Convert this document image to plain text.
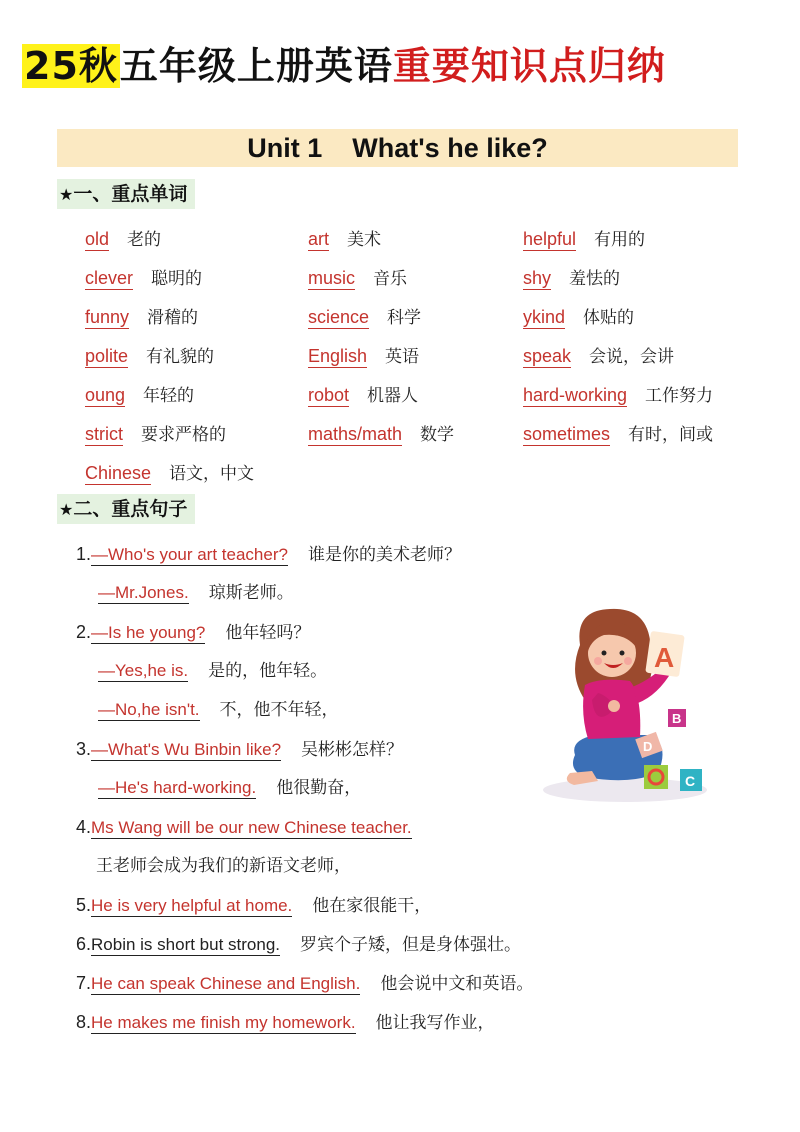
25秋五年级上册英语重要知识点归纳
Unit 1    What's he like?
★一、重点单词
old 老的	art 美术	helpful 有用的
clever 聪明的	music 音乐	shy 羞怯的
funny 滑稽的	science 科学	ykind 体贴的
polite 有礼貌的	English 英语	speak 会说，会讲
oung 年轻的	robot 机器人	hard-working 工作努力
strict 要求严格的	maths/math 数学	sometimes 有时，间或
Chinese 语文，中文
★二、重点句子
1.—Who's your art teacher? 谁是你的美术老师？
—Mr.Jones. 琼斯老师。
2.—Is he young? 他年轻吗？
—Yes,he is. 是的，他年轻。
—No,he isn't. 不，他不年轻，
3.—What's Wu Binbin like? 吴彬彬怎样？
—He's hard-working. 他很勤奋，
4.Ms Wang will be our new Chinese teacher.
王老师会成为我们的新语文老师，
5.He is very helpful at home. 他在家很能干，
6.Robin is short but strong. 罗宾个子矮，但是身体强壮。
7.He can speak Chinese and English. 他会说中文和英语。
8.He makes me finish my homework. 他让我写作业，
A
B
D
C
